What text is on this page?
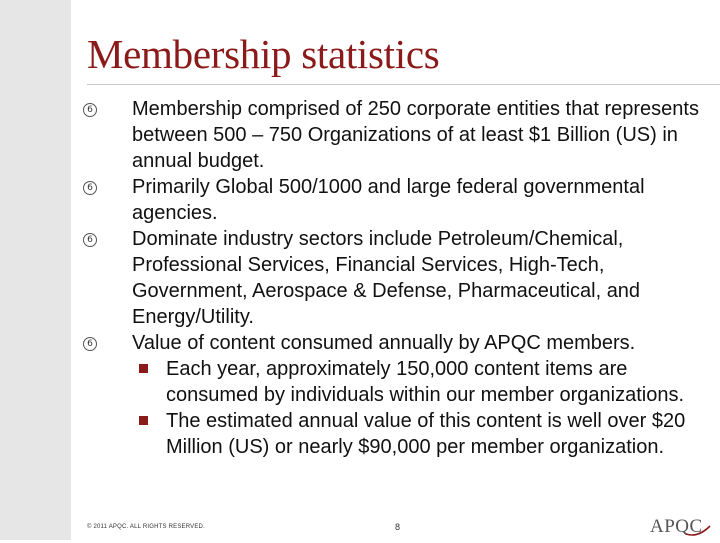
Membership statistics
6 Membership comprised of 250 corporate entities that represents between 500 – 750 Organizations of at least $1 Billion (US) in annual budget.
6 Primarily Global 500/1000 and large federal governmental agencies.
6 Dominate industry sectors include Petroleum/Chemical, Professional Services, Financial Services, High-Tech, Government, Aerospace & Defense, Pharmaceutical, and Energy/Utility.
6 Value of content consumed annually by APQC members.
Each year, approximately 150,000 content items are consumed by individuals within our member organizations.
The estimated annual value of this content is well over $20 Million (US) or nearly $90,000 per member organization.
© 2011 APQC. ALL RIGHTS RESERVED.	8	APQC
